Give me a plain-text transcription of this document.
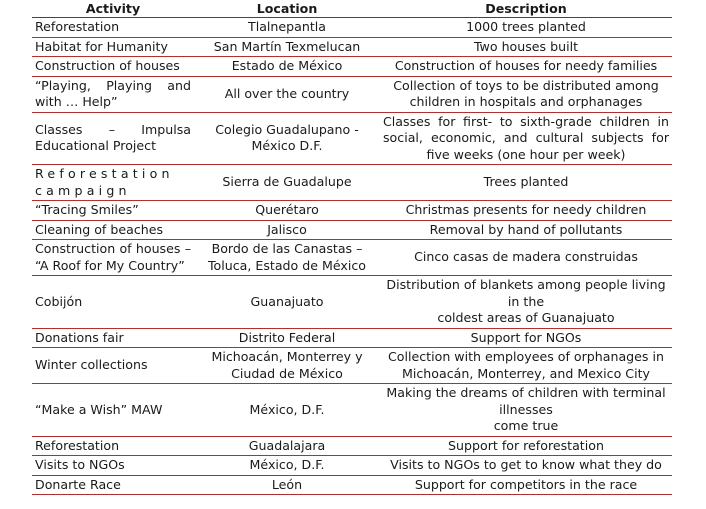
Activity	Location	Description
Reforestation	Tlalnepantla	1000 trees planted
Habitat for Humanity	San Martín Texmelucan	Two houses built
Construction of houses	Estado de México	Construction of houses for needy families
“Playing, Playing and with … Help”	All over the country	Collection of toys to be distributed among children in hospitals and orphanages
Classes – Impulsa Educational Project	Colegio Guadalupano - México D.F.	Classes for first- to sixth-grade children in social, economic, and cultural subjects for five weeks (one hour per week)
Reforestation campaign	Sierra de Guadalupe	Trees planted
“Tracing Smiles”	Querétaro	Christmas presents for needy children
Cleaning of beaches	Jalisco	Removal by hand of pollutants
Construction of houses – “A Roof for My Country”	Bordo de las Canastas – Toluca, Estado de México	Cinco casas de madera construidas
Cobijón	Guanajuato	Distribution of blankets among people living in the
coldest areas of Guanajuato

Donations fair	Distrito Federal	Support for NGOs
Winter collections	Michoacán, Monterrey y Ciudad de México	Collection with employees of orphanages in Michoacán, Monterrey, and Mexico City
“Make a Wish” MAW	México, D.F.	Making the dreams of children with terminal illnesses
come true

Reforestation	Guadalajara	Support for reforestation
Visits to NGOs	México, D.F.	Visits to NGOs to get to know what they do
Donarte Race	León	Support for competitors in the race
